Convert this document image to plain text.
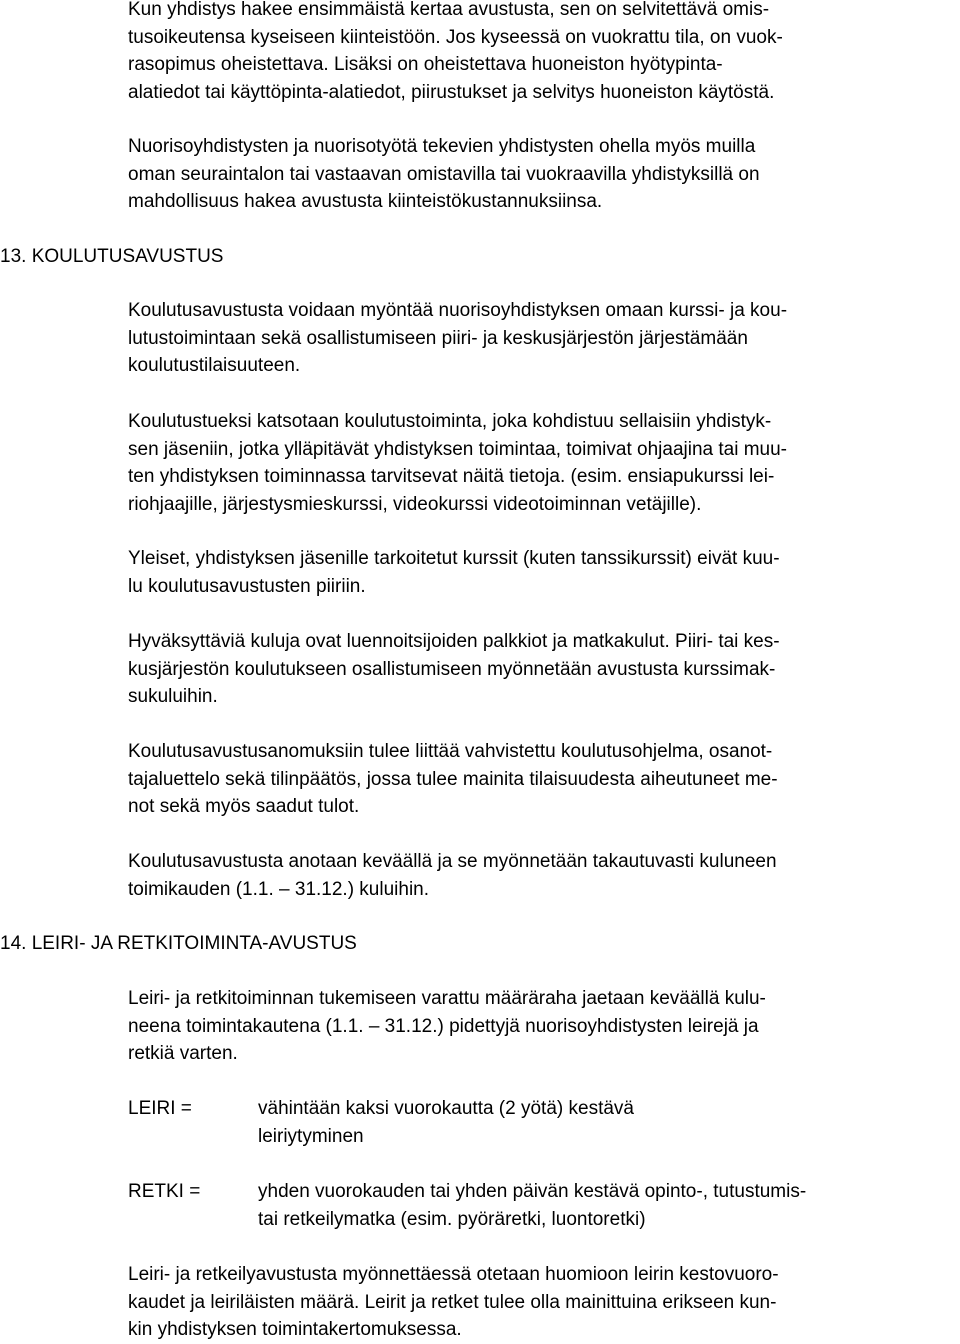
Kun yhdistys hakee ensimmäistä kertaa avustusta, sen on selvitettävä omis-
tusoikeutensa kyseiseen kiinteistöön. Jos kyseessä on vuokrattu tila, on vuok-
rasopimus oheistettava. Lisäksi on oheistettava huoneiston hyötypinta-
alatiedot tai käyttöpinta-alatiedot, piirustukset ja selvitys huoneiston käytöstä.

Nuorisoyhdistysten ja nuorisotyötä tekevien yhdistysten ohella myös muilla
oman seuraintalon tai vastaavan omistavilla tai vuokraavilla yhdistyksillä on
mahdollisuus hakea avustusta kiinteistökustannuksiinsa.

13. KOULUTUSAVUSTUS

Koulutusavustusta voidaan myöntää nuorisoyhdistyksen omaan kurssi- ja kou-
lutustoimintaan sekä osallistumiseen piiri- ja keskusjärjestön järjestämään
koulutustilaisuuteen.

Koulutustueksi katsotaan koulutustoiminta, joka kohdistuu sellaisiin yhdistyk-
sen jäseniin, jotka ylläpitävät yhdistyksen toimintaa, toimivat ohjaajina tai muu-
ten yhdistyksen toiminnassa tarvitsevat näitä tietoja. (esim. ensiapukurssi lei-
riohjaajille, järjestysmieskurssi, videokurssi videotoiminnan vetäjille).

Yleiset, yhdistyksen jäsenille tarkoitetut kurssit (kuten tanssikurssit) eivät kuu-
lu koulutusavustusten piiriin.

Hyväksyttäviä kuluja ovat luennoitsijoiden palkkiot ja matkakulut. Piiri- tai kes-
kusjärjestön koulutukseen osallistumiseen myönnetään avustusta kurssimak-
sukuluihin.

Koulutusavustusanomuksiin tulee liittää vahvistettu koulutusohjelma, osanot-
tajaluettelo sekä tilinpäätös, jossa tulee mainita tilaisuudesta aiheutuneet me-
not sekä myös saadut tulot.

Koulutusavustusta anotaan keväällä ja se myönnetään takautuvasti kuluneen
toimikauden (1.1. – 31.12.) kuluihin.

14. LEIRI- JA RETKITOIMINTA-AVUSTUS

Leiri- ja retkitoiminnan tukemiseen varattu määräraha jaetaan keväällä kulu-
neena toimintakautena (1.1. – 31.12.) pidettyjä nuorisoyhdistysten leirejä ja
retkiä varten.

LEIRI =	vähintään kaksi vuorokautta (2 yötä) kestävä
leiriytyminen
RETKI =	yhden vuorokauden tai yhden päivän kestävä opinto-, tutustumis-
tai retkeilymatka (esim. pyöräretki, luontoretki)

Leiri- ja retkeilyavustusta myönnettäessä otetaan huomioon leirin kestovuoro-
kaudet ja leiriläisten määrä. Leirit ja retket tulee olla mainittuina erikseen kun-
kin yhdistyksen toimintakertomuksessa.
